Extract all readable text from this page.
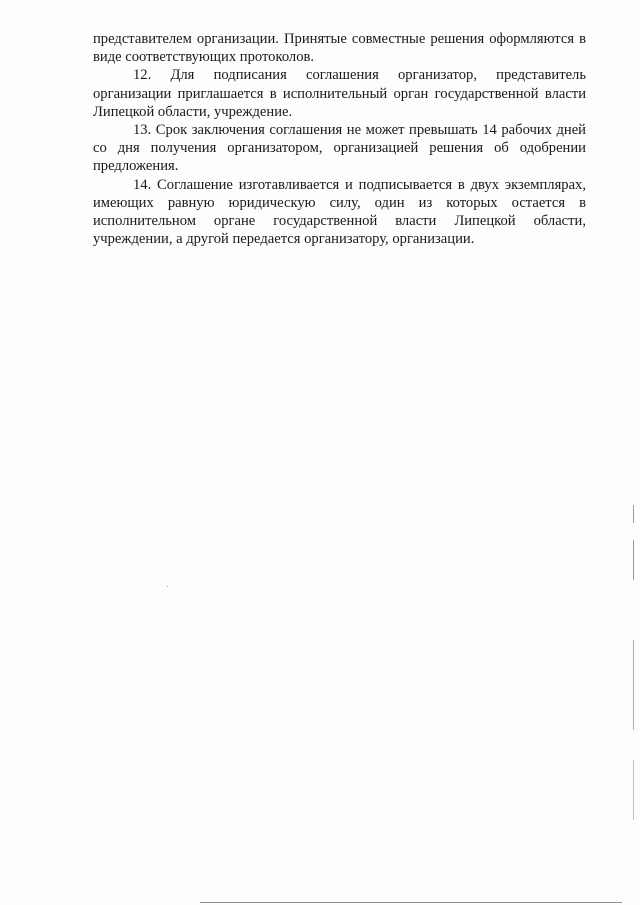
представителем организации. Принятые совместные решения оформляются в виде соответствующих протоколов.

12. Для подписания соглашения организатор, представитель организации приглашается в исполнительный орган государственной власти Липецкой области, учреждение.

13. Срок заключения соглашения не может превышать 14 рабочих дней со дня получения организатором, организацией решения об одобрении предложения.

14. Соглашение изготавливается и подписывается в двух экземплярах, имеющих равную юридическую силу, один из которых остается в исполнительном органе государственной власти Липецкой области, учреждении, а другой передается организатору, организации.
